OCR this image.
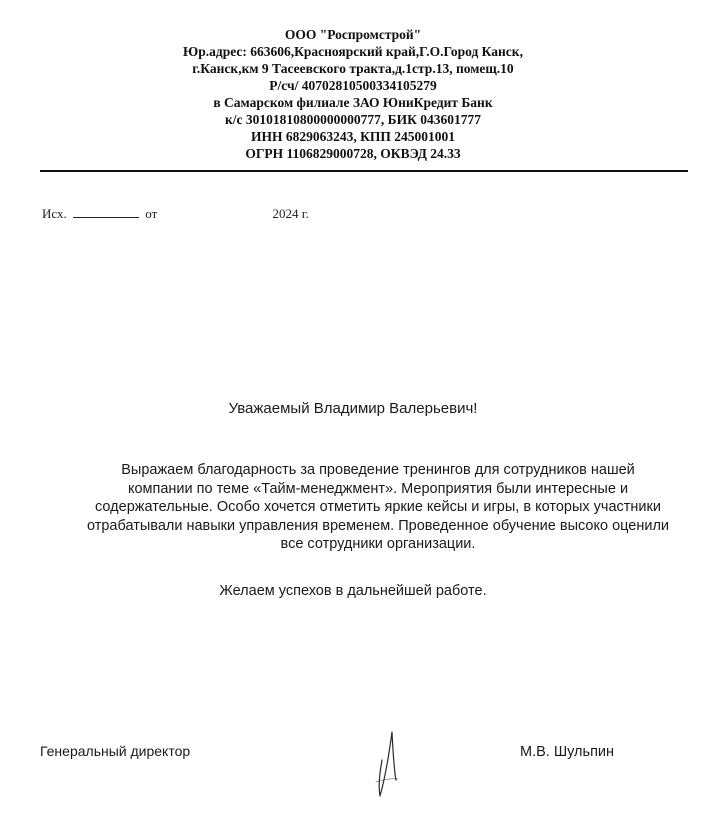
ООО "Роспромстрой"
Юр.адрес: 663606,Красноярский край,Г.О.Город Канск,
г.Канск,км 9 Тасеевского тракта,д.1стр.13, помещ.10
Р/сч/ 40702810500334105279
в Самарском филиале ЗАО ЮниКредит Банк
к/с 30101810800000000777, БИК 043601777
ИНН 6829063243, КПП 245001001
ОГРН 1106829000728, ОКВЭД 24.33
Исх.	от	2024 г.
Уважаемый Владимир Валерьевич!
Выражаем благодарность за проведение тренингов для сотрудников нашей
компании по теме «Тайм-менеджмент». Мероприятия были интересные и
содержательные. Особо хочется отметить яркие кейсы и игры, в которых участники
отрабатывали навыки управления временем. Проведенное обучение высоко оценили
все сотрудники организации.
Желаем успехов в дальнейшей работе.
Генеральный директор	М.В. Шульпин
